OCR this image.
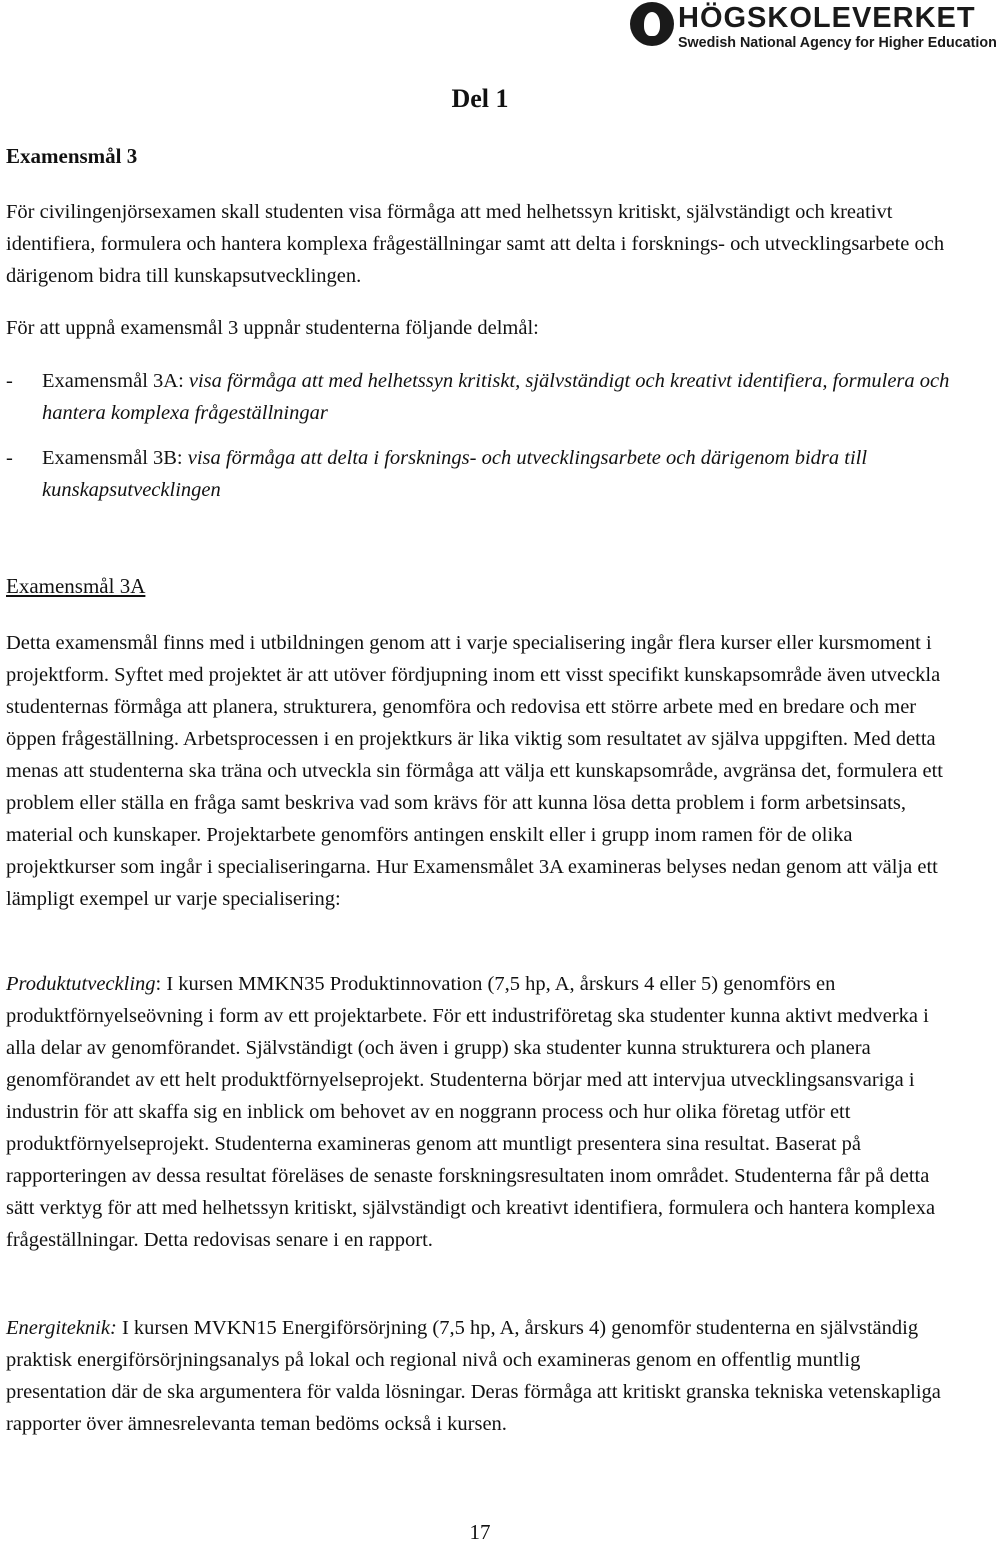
HÖGSKOLEVERKET
Swedish National Agency for Higher Education
Del 1
Examensmål 3
För civilingenjörsexamen skall studenten visa förmåga att med helhetssyn kritiskt, självständigt och kreativt identifiera, formulera och hantera komplexa frågeställningar samt att delta i forsknings- och utvecklingsarbete och därigenom bidra till kunskapsutvecklingen.
För att uppnå examensmål 3 uppnår studenterna följande delmål:
- Examensmål 3A: visa förmåga att med helhetssyn kritiskt, självständigt och kreativt identifiera, formulera och hantera komplexa frågeställningar
- Examensmål 3B: visa förmåga att delta i forsknings- och utvecklingsarbete och därigenom bidra till kunskapsutvecklingen
Examensmål 3A
Detta examensmål finns med i utbildningen genom att i varje specialisering ingår flera kurser eller kursmoment i projektform. Syftet med projektet är att utöver fördjupning inom ett visst specifikt kunskapsområde även utveckla studenternas förmåga att planera, strukturera, genomföra och redovisa ett större arbete med en bredare och mer öppen frågeställning. Arbetsprocessen i en projektkurs är lika viktig som resultatet av själva uppgiften. Med detta menas att studenterna ska träna och utveckla sin förmåga att välja ett kunskapsområde, avgränsa det, formulera ett problem eller ställa en fråga samt beskriva vad som krävs för att kunna lösa detta problem i form arbetsinsats, material och kunskaper. Projektarbete genomförs antingen enskilt eller i grupp inom ramen för de olika projektkurser som ingår i specialiseringarna. Hur Examensmålet 3A examineras belyses nedan genom att välja ett lämpligt exempel ur varje specialisering:
Produktutveckling: I kursen MMKN35 Produktinnovation (7,5 hp, A, årskurs 4 eller 5) genomförs en produktförnyelseövning i form av ett projektarbete. För ett industriföretag ska studenter kunna aktivt medverka i alla delar av genomförandet. Självständigt (och även i grupp) ska studenter kunna strukturera och planera genomförandet av ett helt produktförnyelseprojekt. Studenterna börjar med att intervjua utvecklingsansvariga i industrin för att skaffa sig en inblick om behovet av en noggrann process och hur olika företag utför ett produktförnyelseprojekt. Studenterna examineras genom att muntligt presentera sina resultat. Baserat på rapporteringen av dessa resultat föreläses de senaste forskningsresultaten inom området. Studenterna får på detta sätt verktyg för att med helhetssyn kritiskt, självständigt och kreativt identifiera, formulera och hantera komplexa frågeställningar. Detta redovisas senare i en rapport.
Energiteknik: I kursen MVKN15 Energiförsörjning (7,5 hp, A, årskurs 4) genomför studenterna en självständig praktisk energiförsörjningsanalys på lokal och regional nivå och examineras genom en offentlig muntlig presentation där de ska argumentera för valda lösningar. Deras förmåga att kritiskt granska tekniska vetenskapliga rapporter över ämnesrelevanta teman bedöms också i kursen.
17
